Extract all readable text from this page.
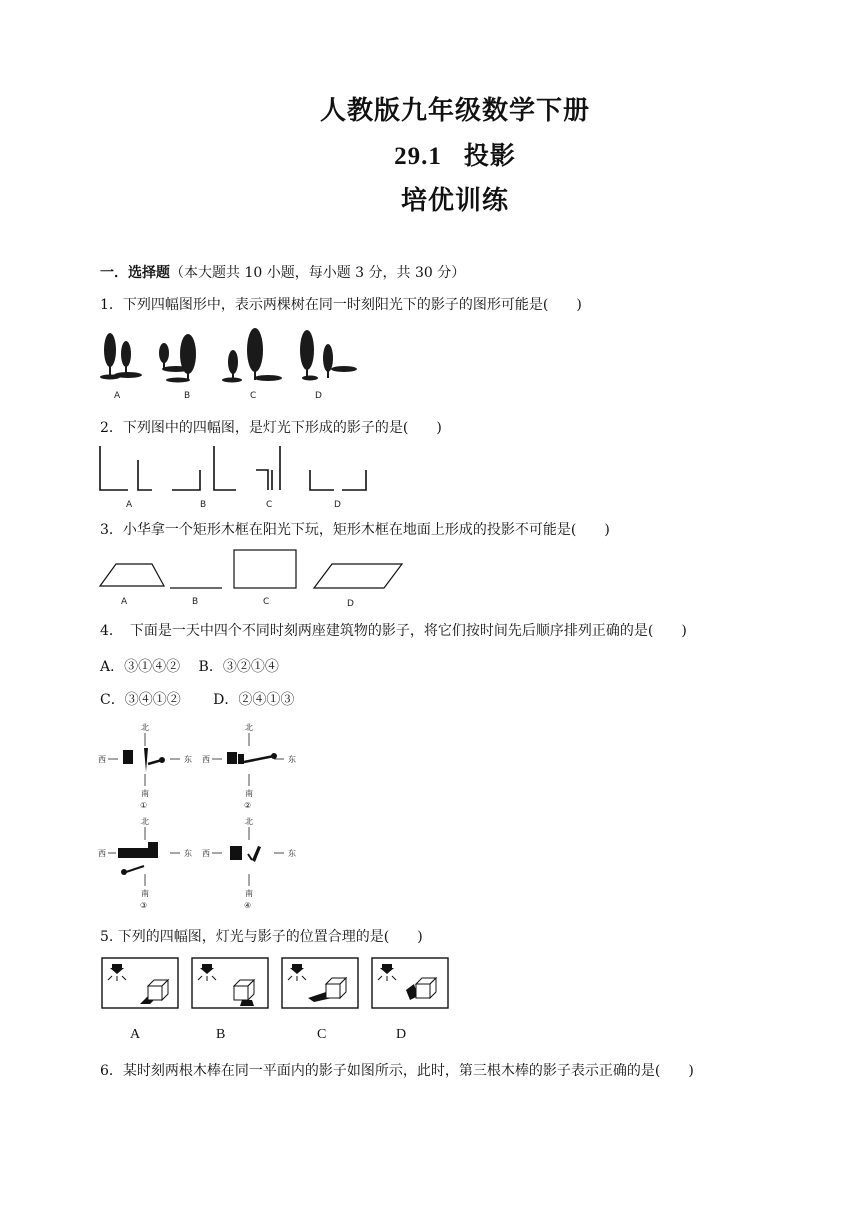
人教版九年级数学下册
29.1 投影
培优训练
一．选择题（本大题共 10 小题，每小题 3 分，共 30 分）
1．下列四幅图形中，表示两棵树在同一时刻阳光下的影子的图形可能是(　　)
A	B	C	D
2．下列图中的四幅图，是灯光下形成的影子的是(　　)
A	B	C	D
3．小华拿一个矩形木框在阳光下玩，矩形木框在地面上形成的投影不可能是(　　)
A	B	C	D
4．　下面是一天中四个不同时刻两座建筑物的影子，将它们按时间先后顺序排列正确的是(　　)
A．③①④②　 B．③②①④
C．③④①②　　 D．②④①③
北
西	东
南
①
北
西	东
南
②
北
西	东
南
③
北
西	东
南
④
5. 下列的四幅图，灯光与影子的位置合理的是(　　)
A	B	C	D
6．某时刻两根木棒在同一平面内的影子如图所示，此时，第三根木棒的影子表示正确的是(　　)
